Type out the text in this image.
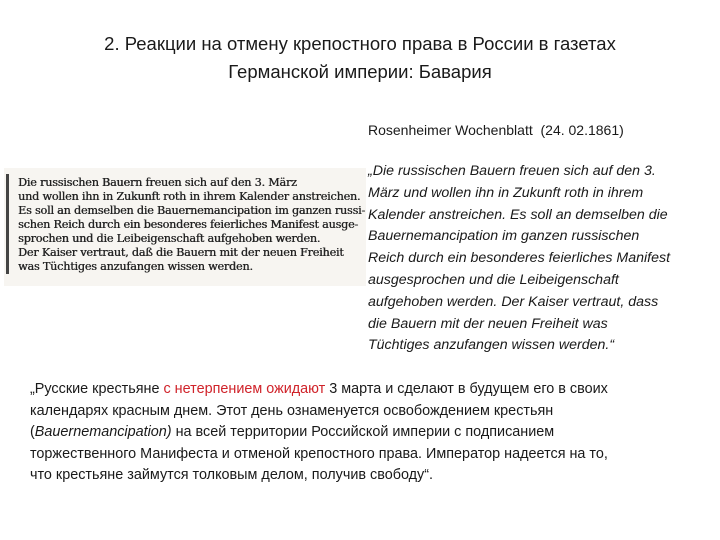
2. Реакции на отмену крепостного права в России в газетах
Германской империи: Бавария
Rosenheimer Wochenblatt (24. 02.1861)
Die russischen Bauern freuen sich auf den 3. März
und wollen ihn in Zukunft roth in ihrem Kalender anstreichen.
Es soll an demselben die Bauernemancipation im ganzen russi-
schen Reich durch ein besonderes feierliches Manifest ausge-
sprochen und die Leibeigenschaft aufgehoben werden.
Der Kaiser vertraut, daß die Bauern mit der neuen Freiheit
was Tüchtiges anzufangen wissen werden.
„Die russischen Bauern freuen sich auf den 3.
März und wollen ihn in Zukunft roth in ihrem
Kalender anstreichen. Es soll an demselben die
Bauernemancipation im ganzen russischen
Reich durch ein besonderes feierliches Manifest
ausgesprochen und die Leibeigenschaft
aufgehoben werden. Der Kaiser vertraut, dass
die Bauern mit der neuen Freiheit was
Tüchtiges anzufangen wissen werden.“
„Русские крестьяне с нетерпением ожидают 3 марта и сделают в будущем его в своих
календарях красным днем. Этот день ознаменуется освобождением крестьян
(Bauernemancipation) на всей территории Российской империи с подписанием
торжественного Манифеста и отменой крепостного права. Император надеется на то,
что крестьяне займутся толковым делом, получив свободу“.
